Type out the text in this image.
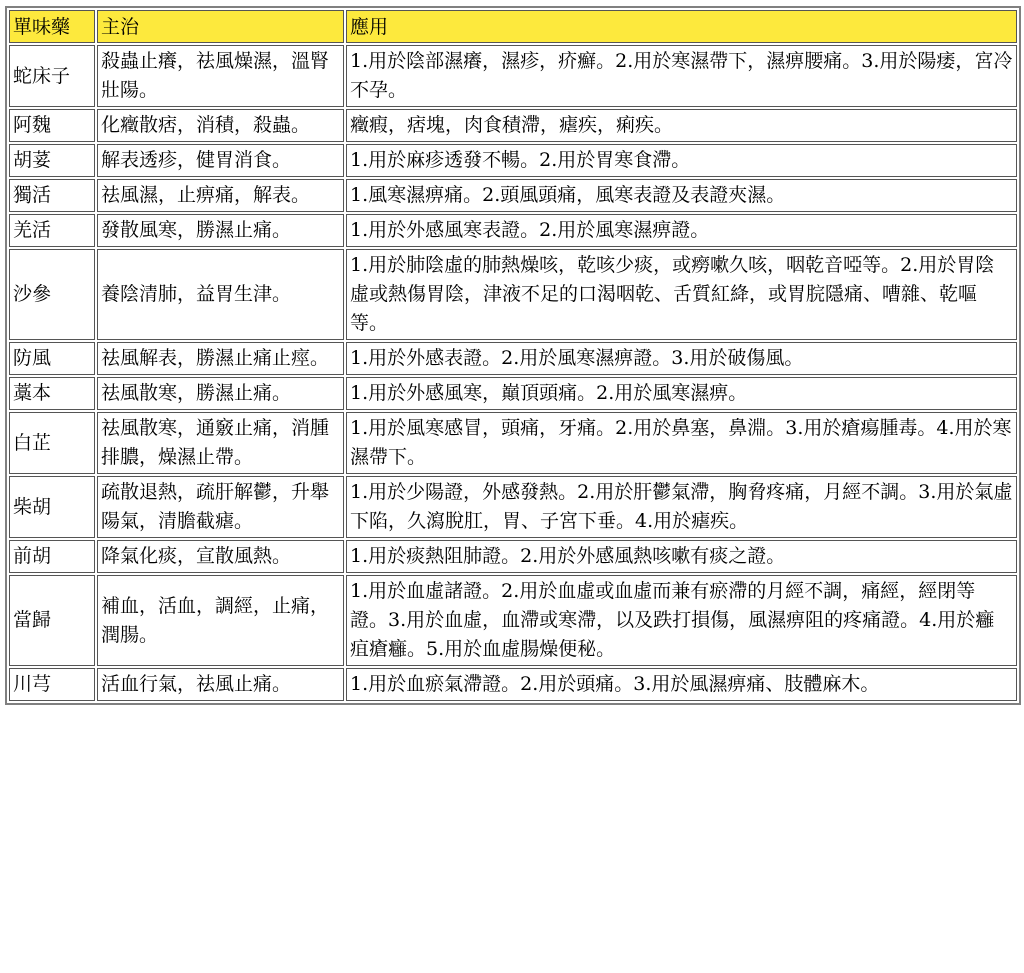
單味藥	主治	應用
蛇床子	殺蟲止癢，祛風燥濕，溫腎壯陽。	1.用於陰部濕癢，濕疹，疥癬。2.用於寒濕帶下，濕痹腰痛。3.用於陽痿，宮冷不孕。
阿魏	化癥散痞，消積，殺蟲。	癥瘕，痞塊，肉食積滯，瘧疾，痢疾。
胡荽	解表透疹，健胃消食。	1.用於麻疹透發不暢。2.用於胃寒食滯。
獨活	祛風濕，止痹痛，解表。	1.風寒濕痹痛。2.頭風頭痛，風寒表證及表證夾濕。
羌活	發散風寒，勝濕止痛。	1.用於外感風寒表證。2.用於風寒濕痹證。
沙參	養陰清肺，益胃生津。	1.用於肺陰虛的肺熱燥咳，乾咳少痰，或癆嗽久咳，咽乾音啞等。2.用於胃陰虛或熱傷胃陰，津液不足的口渴咽乾、舌質紅絳，或胃脘隱痛、嘈雜、乾嘔等。
防風	祛風解表，勝濕止痛止痙。	1.用於外感表證。2.用於風寒濕痹證。3.用於破傷風。
藁本	祛風散寒，勝濕止痛。	1.用於外感風寒，巔頂頭痛。2.用於風寒濕痹。
白芷	祛風散寒，通竅止痛，消腫排膿，燥濕止帶。	1.用於風寒感冒，頭痛，牙痛。2.用於鼻塞，鼻淵。3.用於瘡瘍腫毒。4.用於寒濕帶下。
柴胡	疏散退熱，疏肝解鬱，升舉陽氣，清膽截瘧。	1.用於少陽證，外感發熱。2.用於肝鬱氣滯，胸脅疼痛，月經不調。3.用於氣虛下陷，久瀉脫肛，胃、子宮下垂。4.用於瘧疾。
前胡	降氣化痰，宣散風熱。	1.用於痰熱阻肺證。2.用於外感風熱咳嗽有痰之證。
當歸	補血，活血，調經，止痛，潤腸。	1.用於血虛諸證。2.用於血虛或血虛而兼有瘀滯的月經不調，痛經，經閉等證。3.用於血虛，血滯或寒滯，以及跌打損傷，風濕痹阻的疼痛證。4.用於癰疽瘡癰。5.用於血虛腸燥便秘。
川芎	活血行氣，祛風止痛。	1.用於血瘀氣滯證。2.用於頭痛。3.用於風濕痹痛、肢體麻木。
